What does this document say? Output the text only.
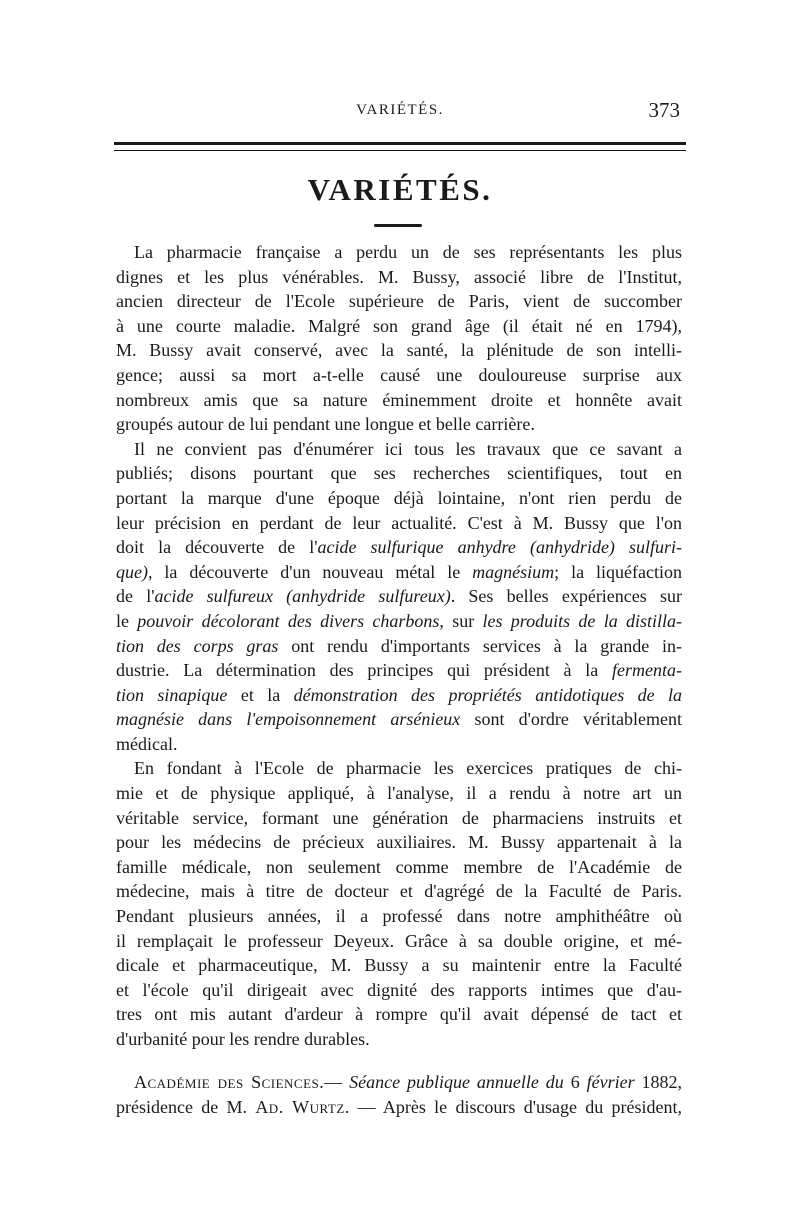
VARIÉTÉS.	373
VARIÉTÉS.
La pharmacie française a perdu un de ses représentants les plus
dignes et les plus vénérables. M. Bussy, associé libre de l'Institut,
ancien directeur de l'Ecole supérieure de Paris, vient de succomber
à une courte maladie. Malgré son grand âge (il était né en 1794),
M. Bussy avait conservé, avec la santé, la plénitude de son intelli-
gence; aussi sa mort a-t-elle causé une douloureuse surprise aux
nombreux amis que sa nature éminemment droite et honnête avait
groupés autour de lui pendant une longue et belle carrière.
Il ne convient pas d'énumérer ici tous les travaux que ce savant a
publiés; disons pourtant que ses recherches scientifiques, tout en
portant la marque d'une époque déjà lointaine, n'ont rien perdu de
leur précision en perdant de leur actualité. C'est à M. Bussy que l'on
doit la découverte de l'acide sulfurique anhydre (anhydride) sulfuri-
que), la découverte d'un nouveau métal le magnésium; la liquéfaction
de l'acide sulfureux (anhydride sulfureux). Ses belles expériences sur
le pouvoir décolorant des divers charbons, sur les produits de la distilla-
tion des corps gras ont rendu d'importants services à la grande in-
dustrie. La détermination des principes qui président à la fermenta-
tion sinapique et la démonstration des propriétés antidotiques de la
magnésie dans l'empoisonnement arsénieux sont d'ordre véritablement
médical.
En fondant à l'Ecole de pharmacie les exercices pratiques de chi-
mie et de physique appliqué, à l'analyse, il a rendu à notre art un
véritable service, formant une génération de pharmaciens instruits et
pour les médecins de précieux auxiliaires. M. Bussy appartenait à la
famille médicale, non seulement comme membre de l'Académie de
médecine, mais à titre de docteur et d'agrégé de la Faculté de Paris.
Pendant plusieurs années, il a professé dans notre amphithéâtre où
il remplaçait le professeur Deyeux. Grâce à sa double origine, et mé-
dicale et pharmaceutique, M. Bussy a su maintenir entre la Faculté
et l'école qu'il dirigeait avec dignité des rapports intimes que d'au-
tres ont mis autant d'ardeur à rompre qu'il avait dépensé de tact et
d'urbanité pour les rendre durables.
Académie des Sciences.— Séance publique annuelle du 6 février 1882,
présidence de M. Ad. Wurtz. — Après le discours d'usage du président,
